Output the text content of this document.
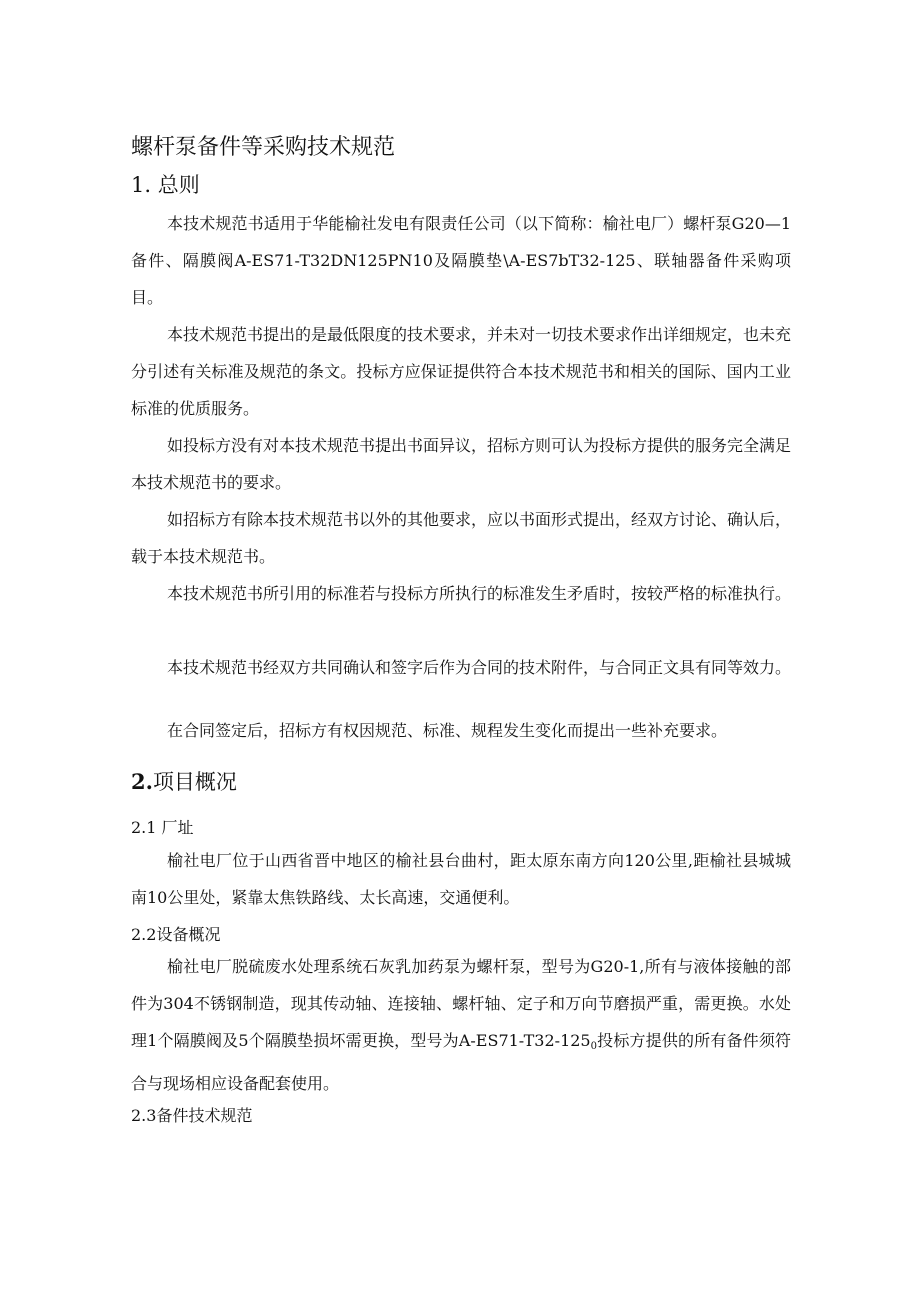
螺杆泵备件等采购技术规范
1. 总则

本技术规范书适用于华能榆社发电有限责任公司（以下简称：榆社电厂）螺杆泵G20—1备件、隔膜阀A-ES71-T32DN125PN10及隔膜垫\A-ES7bT32-125、联轴器备件采购项目。

本技术规范书提出的是最低限度的技术要求，并未对一切技术要求作出详细规定，也未充分引述有关标准及规范的条文。投标方应保证提供符合本技术规范书和相关的国际、国内工业标准的优质服务。

如投标方没有对本技术规范书提出书面异议，招标方则可认为投标方提供的服务完全满足本技术规范书的要求。

如招标方有除本技术规范书以外的其他要求，应以书面形式提出，经双方讨论、确认后，载于本技术规范书。

本技术规范书所引用的标准若与投标方所执行的标准发生矛盾时，按较严格的标准执行。

本技术规范书经双方共同确认和签字后作为合同的技术附件，与合同正文具有同等效力。

在合同签定后，招标方有权因规范、标准、规程发生变化而提出一些补充要求。

2.项目概况
2.1 厂址

榆社电厂位于山西省晋中地区的榆社县台曲村，距太原东南方向120公里,距榆社县城城南10公里处，紧靠太焦铁路线、太长高速，交通便利。

2.2设备概况

榆社电厂脱硫废水处理系统石灰乳加药泵为螺杆泵，型号为G20-1,所有与液体接触的部件为304不锈钢制造，现其传动轴、连接轴、螺杆轴、定子和万向节磨损严重，需更换。水处理1个隔膜阀及5个隔膜垫损坏需更换，型号为$A-ES71-T32-125_0$投标方提供的所有备件须符合与现场相应设备配套使用。

2.3备件技术规范
